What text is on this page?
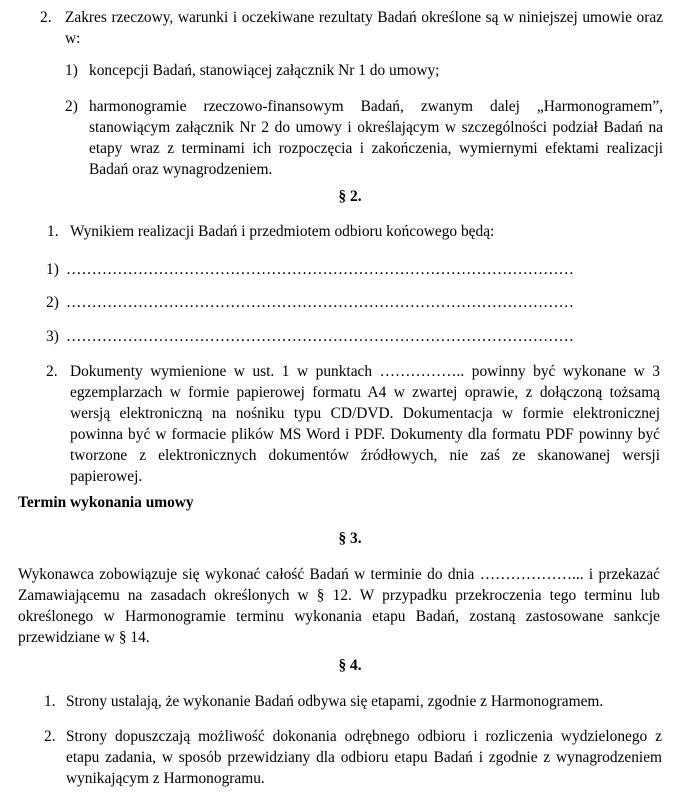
2. Zakres rzeczowy, warunki i oczekiwane rezultaty Badań określone są w niniejszej umowie oraz w:

1) koncepcji Badań, stanowiącej załącznik Nr 1 do umowy;

2) harmonogramie rzeczowo-finansowym Badań, zwanym dalej „Harmonogramem”, stanowiącym załącznik Nr 2 do umowy i określającym w szczególności podział Badań na etapy wraz z terminami ich rozpoczęcia i zakończenia, wymiernymi efektami realizacji Badań oraz wynagrodzeniem.

§ 2.

1. Wynikiem realizacji Badań i przedmiotem odbioru końcowego będą:

1) ………………………………………………………………………………………

2) ………………………………………………………………………………………

3) ………………………………………………………………………………………

2. Dokumenty wymienione w ust. 1 w punktach …………….. powinny być wykonane w 3 egzemplarzach w formie papierowej formatu A4 w zwartej oprawie, z dołączoną tożsamą wersją elektroniczną na nośniku typu CD/DVD. Dokumentacja w formie elektronicznej powinna być w formacie plików MS Word i PDF. Dokumenty dla formatu PDF powinny być tworzone z elektronicznych dokumentów źródłowych, nie zaś ze skanowanej wersji papierowej.

Termin wykonania umowy

§ 3.

Wykonawca zobowiązuje się wykonać całość Badań w terminie do dnia ………………... i przekazać Zamawiającemu na zasadach określonych w § 12. W przypadku przekroczenia tego terminu lub określonego w Harmonogramie terminu wykonania etapu Badań, zostaną zastosowane sankcje przewidziane w § 14.

§ 4.

1. Strony ustalają, że wykonanie Badań odbywa się etapami, zgodnie z Harmonogramem.

2. Strony dopuszczają możliwość dokonania odrębnego odbioru i rozliczenia wydzielonego z etapu zadania, w sposób przewidziany dla odbioru etapu Badań i zgodnie z wynagrodzeniem wynikającym z Harmonogramu.
